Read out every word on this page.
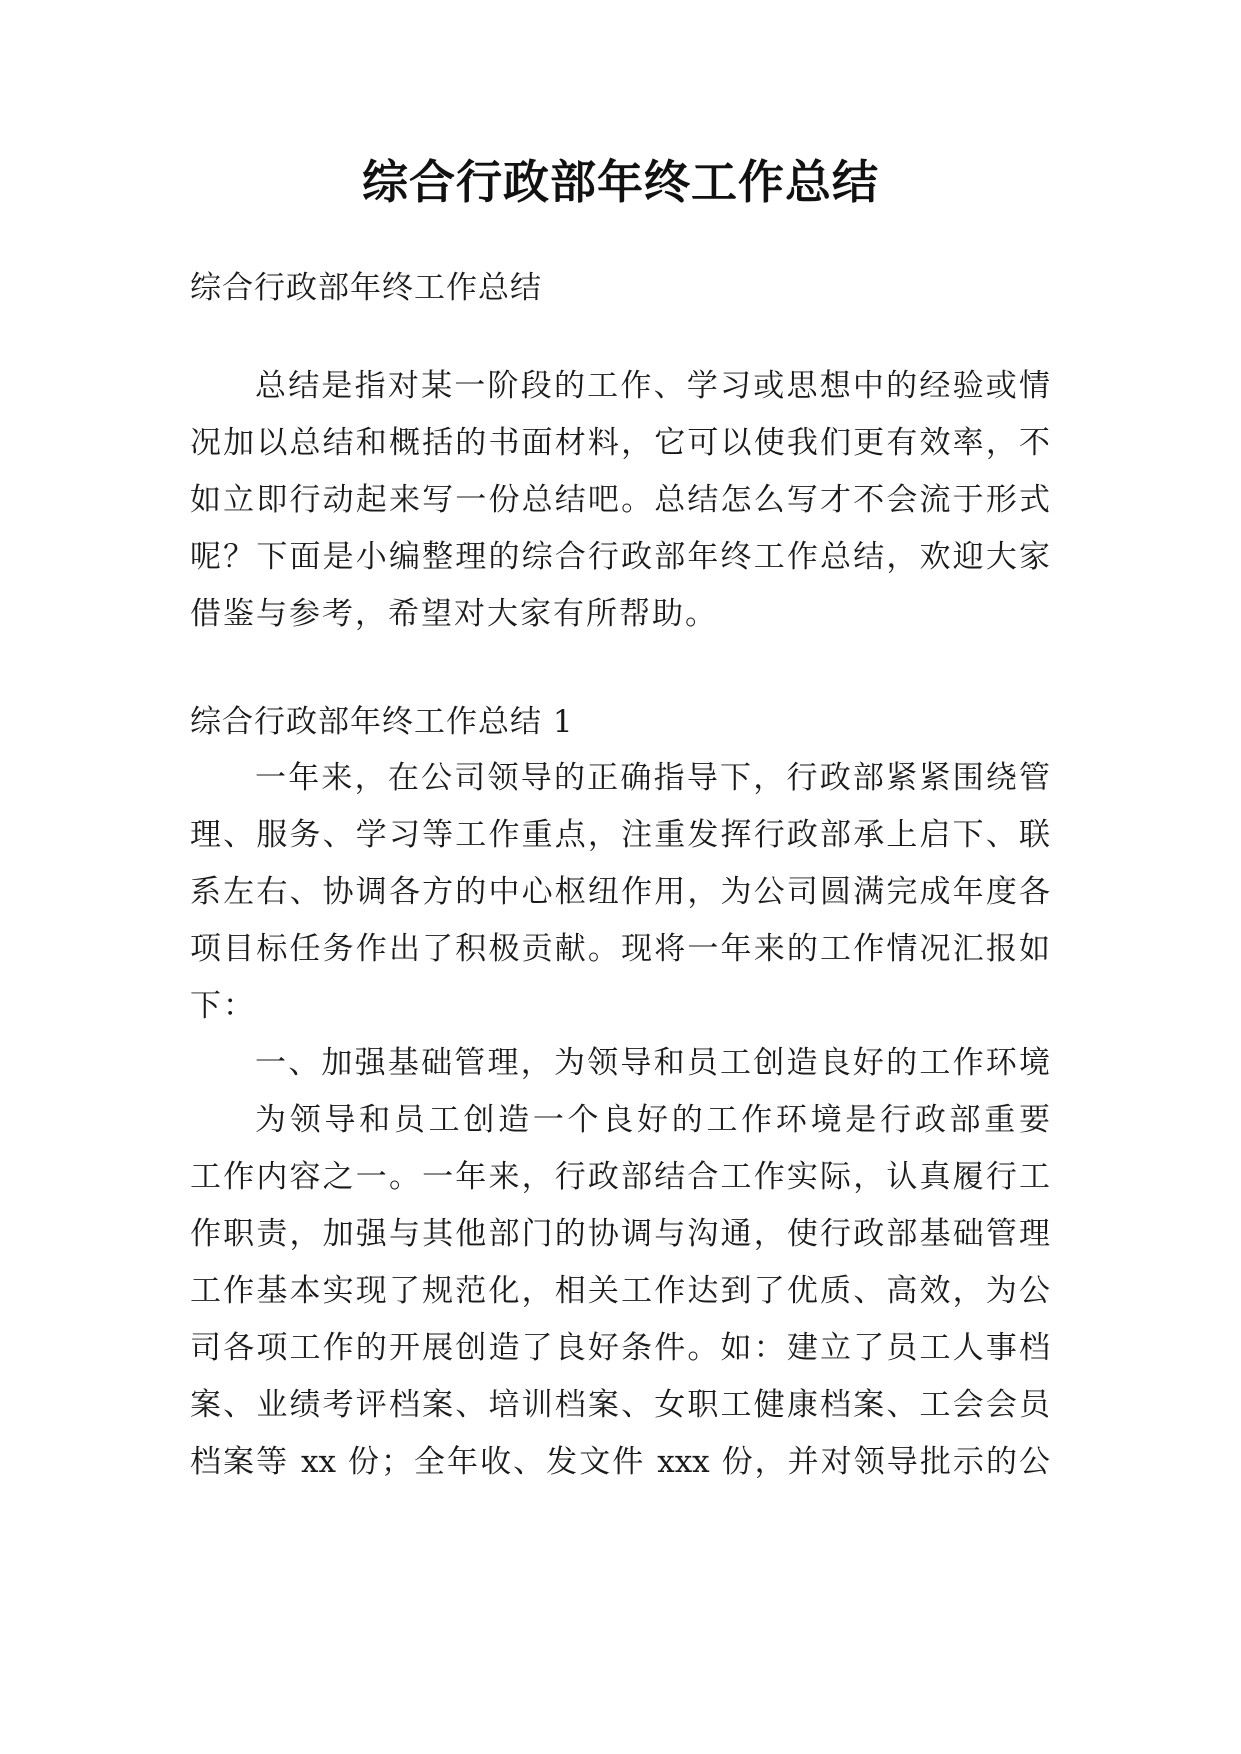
综合行政部年终工作总结
综合行政部年终工作总结
总结是指对某一阶段的工作、学习或思想中的经验或情
况加以总结和概括的书面材料，它可以使我们更有效率，不
如立即行动起来写一份总结吧。总结怎么写才不会流于形式
呢？下面是小编整理的综合行政部年终工作总结，欢迎大家
借鉴与参考，希望对大家有所帮助。
综合行政部年终工作总结 1
一年来，在公司领导的正确指导下，行政部紧紧围绕管
理、服务、学习等工作重点，注重发挥行政部承上启下、联
系左右、协调各方的中心枢纽作用，为公司圆满完成年度各
项目标任务作出了积极贡献。现将一年来的工作情况汇报如
下：
一、加强基础管理，为领导和员工创造良好的工作环境
为领导和员工创造一个良好的工作环境是行政部重要
工作内容之一。一年来，行政部结合工作实际，认真履行工
作职责，加强与其他部门的协调与沟通，使行政部基础管理
工作基本实现了规范化，相关工作达到了优质、高效，为公
司各项工作的开展创造了良好条件。如：建立了员工人事档
案、业绩考评档案、培训档案、女职工健康档案、工会会员
档案等 xx 份；全年收、发文件 xxx 份，并对领导批示的公
